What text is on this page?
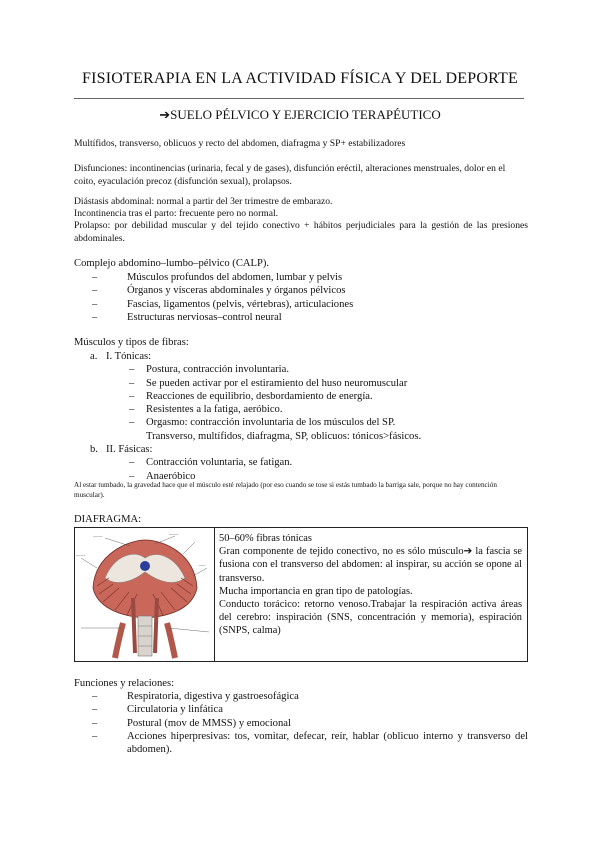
FISIOTERAPIA EN LA ACTIVIDAD FÍSICA Y DEL DEPORTE
➔SUELO PÉLVICO Y EJERCICIO TERAPÉUTICO
Multífidos, transverso, oblicuos y recto del abdomen, diafragma y SP+ estabilizadores
Disfunciones: incontinencias (urinaria, fecal y de gases), disfunción eréctil, alteraciones menstruales, dolor en el coito, eyaculación precoz (disfunción sexual), prolapsos.
Diástasis abdominal: normal a partir del 3er trimestre de embarazo.
Incontinencia tras el parto: frecuente pero no normal.
Prolapso: por debilidad muscular y del tejido conectivo + hábitos perjudiciales para la gestión de las presiones abdominales.
Complejo abdomino–lumbo–pélvico (CALP).
–	Músculos profundos del abdomen, lumbar y pelvis
–	Órganos y vísceras abdominales y órganos pélvicos
–	Fascias, ligamentos (pelvis, vértebras), articulaciones
–	Estructuras nerviosas–control neural
Músculos y tipos de fibras:
a. I. Tónicas:
– Postura, contracción involuntaria.
– Se pueden activar por el estiramiento del huso neuromuscular
– Reacciones de equilibrio, desbordamiento de energía.
– Resistentes a la fatiga, aeróbico.
– Orgasmo: contracción involuntaria de los músculos del SP.
Transverso, multífidos, diafragma, SP, oblicuos: tónicos>fásicos.
b. II. Fásicas:
– Contracción voluntaria, se fatigan.
– Anaeróbico
Al estar tumbado, la gravedad hace que el músculo esté relajado (por eso cuando se tose si estás tumbado la barriga sale, porque no hay contención muscular).
DIAFRAGMA:
―――	―――
―――
――
50–60% fibras tónicas
Gran componente de tejido conectivo, no es sólo músculo➔ la fascia se fusiona con el transverso del abdomen: al inspirar, su acción se opone al transverso.
Mucha importancia en gran tipo de patologías.
Conducto torácico: retorno venoso.Trabajar la respiración activa áreas del cerebro: inspiración (SNS, concentración y memoria), espiración (SNPS, calma)
Funciones y relaciones:
–	Respiratoria, digestiva y gastroesofágica
–	Circulatoria y linfática
–	Postural (mov de MMSS) y emocional
–	Acciones hiperpresivas: tos, vomitar, defecar, reír, hablar (oblicuo interno y transverso del abdomen).
